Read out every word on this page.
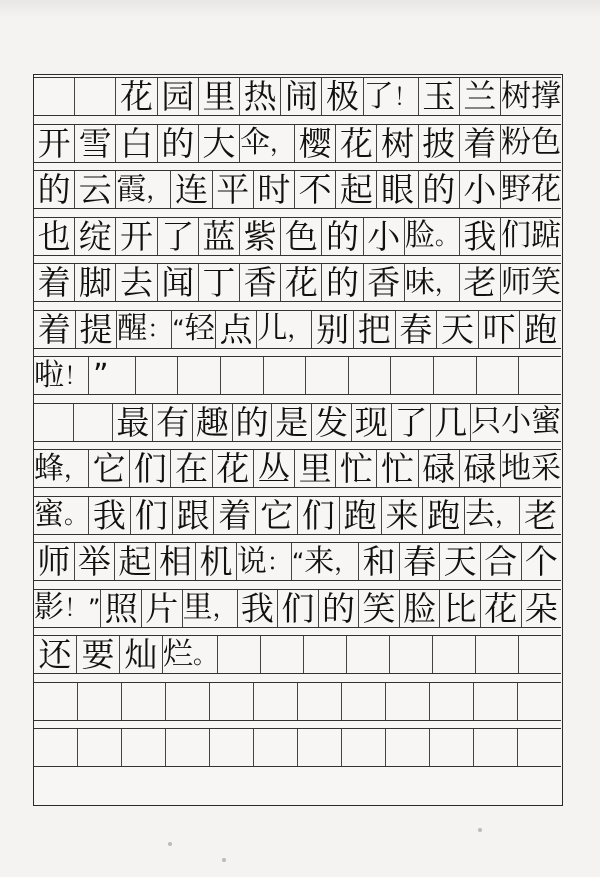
花 园 里 热 闹 极 了 ！ 玉 兰 树 撑
开 雪 白 的 大 伞 ， 樱 花 树 披 着 粉 色
的 云 霞 ， 连 平 时 不 起 眼 的 小 野 花
也 绽 开 了 蓝 紫 色 的 小 脸 。 我 们 踮
着 脚 去 闻 丁 香 花 的 香 味 ， 老 师 笑
着 提 醒 ： “ 轻 点 儿 ， 别 把 春 天 吓 跑
啦 ！ ”
最 有 趣 的 是 发 现 了 几 只 小 蜜
蜂 ， 它 们 在 花 丛 里 忙 忙 碌 碌 地 采
蜜 。 我 们 跟 着 它 们 跑 来 跑 去 ， 老
师 举 起 相 机 说 ： “ 来 ， 和 春 天 合 个
影 ！ ” 照 片 里 ， 我 们 的 笑 脸 比 花 朵
还 要 灿 烂 。
